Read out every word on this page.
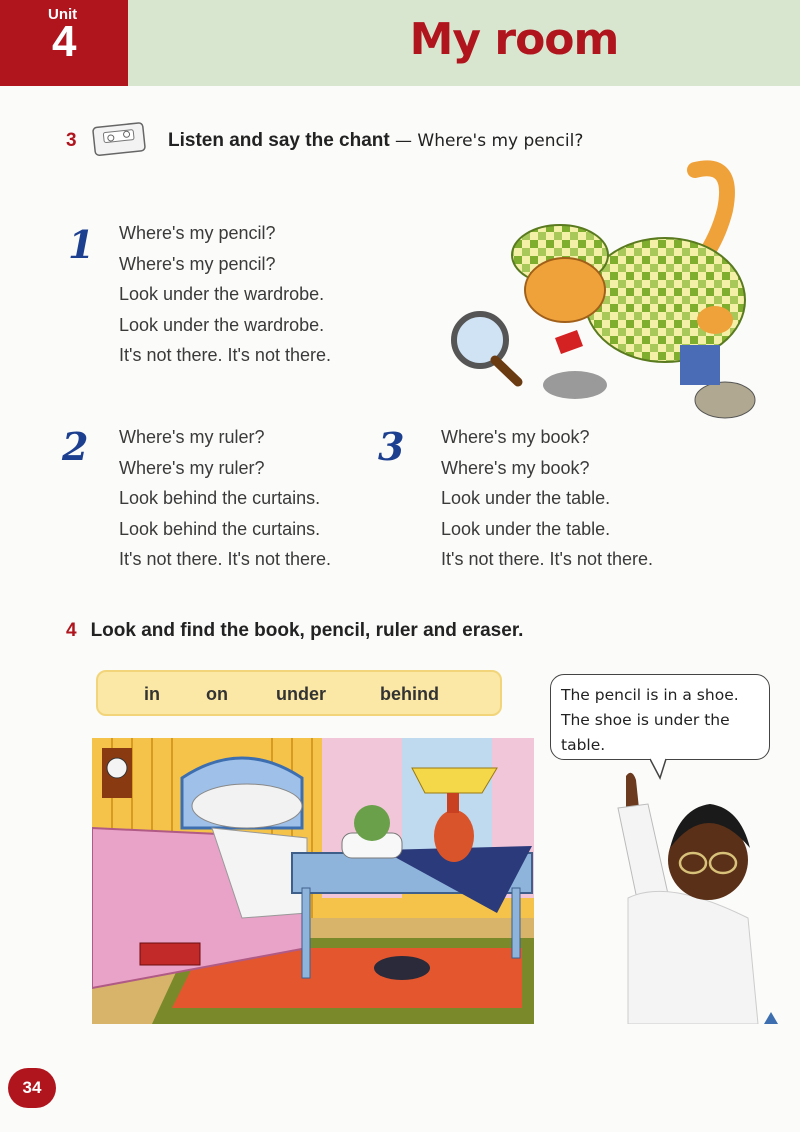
Unit
4	My room
3	Listen and say the chant — Where's my pencil?
1 Where's my pencil?
Where's my pencil?
Look under the wardrobe.
Look under the wardrobe.
It's not there. It's not there.
2 Where's my ruler?
Where's my ruler?
Look behind the curtains.
Look behind the curtains.
It's not there. It's not there.
3 Where's my book?
Where's my book?
Look under the table.
Look under the table.
It's not there. It's not there.
4 Look and find the book, pencil, ruler and eraser.
in	on	under	behind	The pencil is in a shoe.
The shoe is under the
table.
34
